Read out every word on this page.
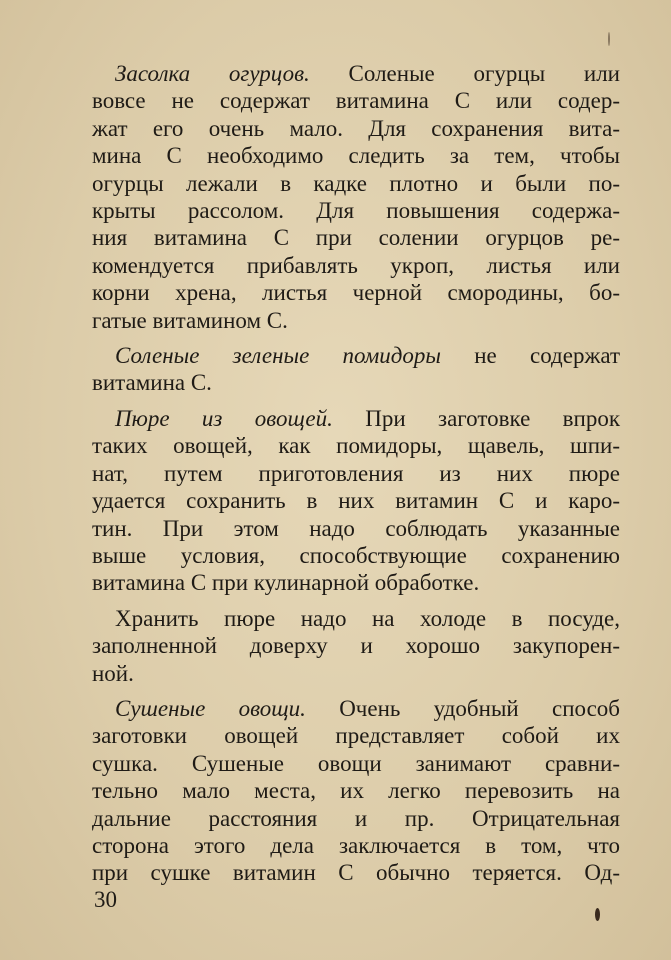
 Засолка огурцов. Соленые огурцы или
вовсе не содержат витамина С или содер-
жат его очень мало. Для сохранения вита-
мина С необходимо следить за тем, чтобы
огурцы лежали в кадке плотно и были по-
крыты рассолом. Для повышения содержа-
ния витамина С при солении огурцов ре-
комендуется прибавлять укроп, листья или
корни хрена, листья черной смородины, бо-
гатые витамином С.

 Соленые зеленые помидоры не содержат
витамина С.

 Пюре из овощей. При заготовке впрок
таких овощей, как помидоры, щавель, шпи-
нат, путем приготовления из них пюре
удается сохранить в них витамин С и каро-
тин. При этом надо соблюдать указанные
выше условия, способствующие сохранению
витамина С при кулинарной обработке.

 Хранить пюре надо на холоде в посуде,
заполненной доверху и хорошо закупорен-
ной.

 Сушеные овощи. Очень удобный способ
заготовки овощей представляет собой их
сушка. Сушеные овощи занимают сравни-
тельно мало места, их легко перевозить на
дальние расстояния и пр. Отрицательная
сторона этого дела заключается в том, что
при сушке витамин С обычно теряется. Од-

30
